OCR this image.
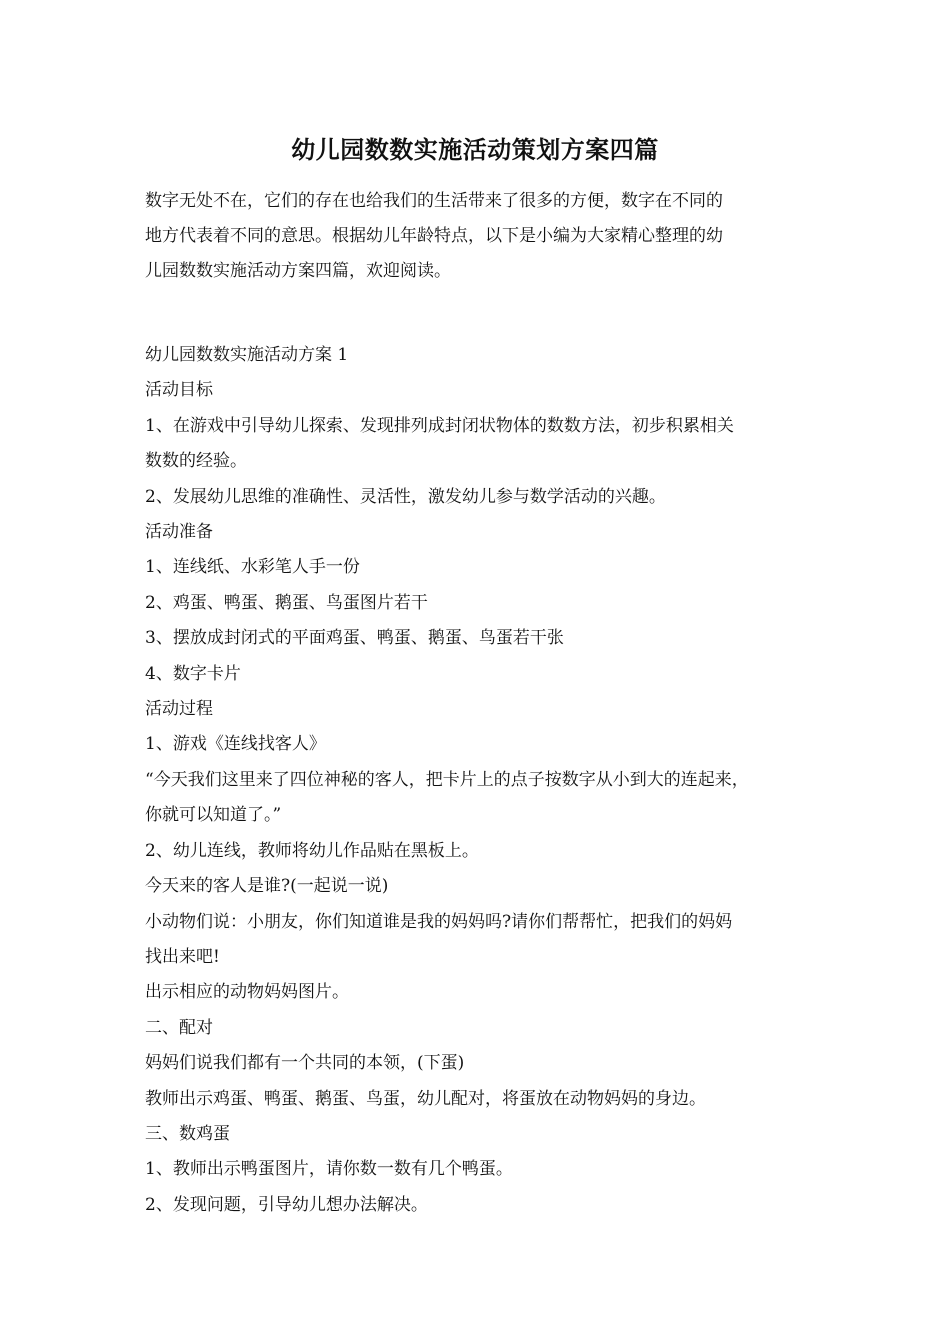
幼儿园数数实施活动策划方案四篇

数字无处不在，它们的存在也给我们的生活带来了很多的方便，数字在不同的

地方代表着不同的意思。根据幼儿年龄特点，以下是小编为大家精心整理的幼

儿园数数实施活动方案四篇，欢迎阅读。

幼儿园数数实施活动方案 1

活动目标

1、在游戏中引导幼儿探索、发现排列成封闭状物体的数数方法，初步积累相关

数数的经验。

2、发展幼儿思维的准确性、灵活性，激发幼儿参与数学活动的兴趣。

活动准备

1、连线纸、水彩笔人手一份

2、鸡蛋、鸭蛋、鹅蛋、鸟蛋图片若干

3、摆放成封闭式的平面鸡蛋、鸭蛋、鹅蛋、鸟蛋若干张

4、数字卡片

活动过程

1、游戏《连线找客人》

“今天我们这里来了四位神秘的客人，把卡片上的点子按数字从小到大的连起来，

你就可以知道了。”

2、幼儿连线，教师将幼儿作品贴在黑板上。

今天来的客人是谁?(一起说一说)

小动物们说：小朋友，你们知道谁是我的妈妈吗?请你们帮帮忙，把我们的妈妈

找出来吧!

出示相应的动物妈妈图片。

二、配对

妈妈们说我们都有一个共同的本领，(下蛋)

教师出示鸡蛋、鸭蛋、鹅蛋、鸟蛋，幼儿配对，将蛋放在动物妈妈的身边。

三、数鸡蛋

1、教师出示鸭蛋图片，请你数一数有几个鸭蛋。

2、发现问题，引导幼儿想办法解决。
